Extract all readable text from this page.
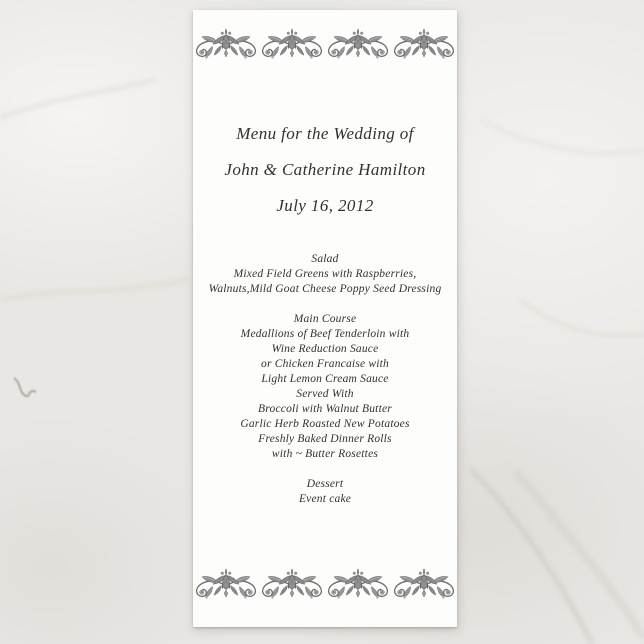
Menu for the Wedding of
John & Catherine Hamilton
July 16, 2012
Salad
Mixed Field Greens with Raspberries,
Walnuts,Mild Goat Cheese Poppy Seed Dressing
Main Course
Medallions of Beef Tenderloin with
Wine Reduction Sauce
or Chicken Francaise with
Light Lemon Cream Sauce
Served With
Broccoli with Walnut Butter
Garlic Herb Roasted New Potatoes
Freshly Baked Dinner Rolls
with ~ Butter Rosettes
Dessert
Event cake
